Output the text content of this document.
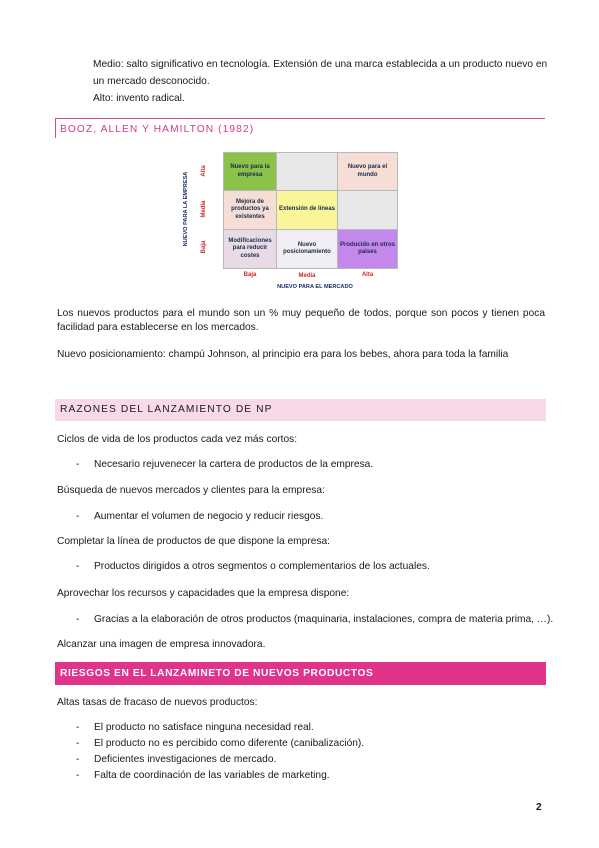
Medio: salto significativo en tecnología. Extensión de una marca establecida a un producto nuevo en
un mercado desconocido.
Alto: invento radical.
BOOZ, ALLEN Y HAMILTON (1982)
NUEVO PARA LA EMPRESA
Alta
Media
Baja
Nuevo para la empresa
Nuevo para el mundo
Mejora de productos ya existentes
Extensión de líneas
Modificaciones para reducir costes
Nuevo posicionamiento
Producido en otros países
Baja	Media	Alta
NUEVO PARA EL MERCADO
Los nuevos productos para el mundo son un % muy pequeño de todos, porque son pocos y tienen poca facilidad para establecerse en los mercados.
Nuevo posicionamiento: champú Johnson, al principio era para los bebes, ahora para toda la familia
RAZONES DEL LANZAMIENTO DE NP
Ciclos de vida de los productos cada vez más cortos:
- Necesario rejuvenecer la cartera de productos de la empresa.
Búsqueda de nuevos mercados y clientes para la empresa:
- Aumentar el volumen de negocio y reducir riesgos.
Completar la línea de productos de que dispone la empresa:
- Productos dirigidos a otros segmentos o complementarios de los actuales.
Aprovechar los recursos y capacidades que la empresa dispone:
- Gracias a la elaboración de otros productos (maquinaria, instalaciones, compra de materia prima, …).
Alcanzar una imagen de empresa innovadora.
RIESGOS EN EL LANZAMINETO DE NUEVOS PRODUCTOS
Altas tasas de fracaso de nuevos productos:
- El producto no satisface ninguna necesidad real.
- El producto no es percibido como diferente (canibalización).
- Deficientes investigaciones de mercado.
- Falta de coordinación de las variables de marketing.
2
